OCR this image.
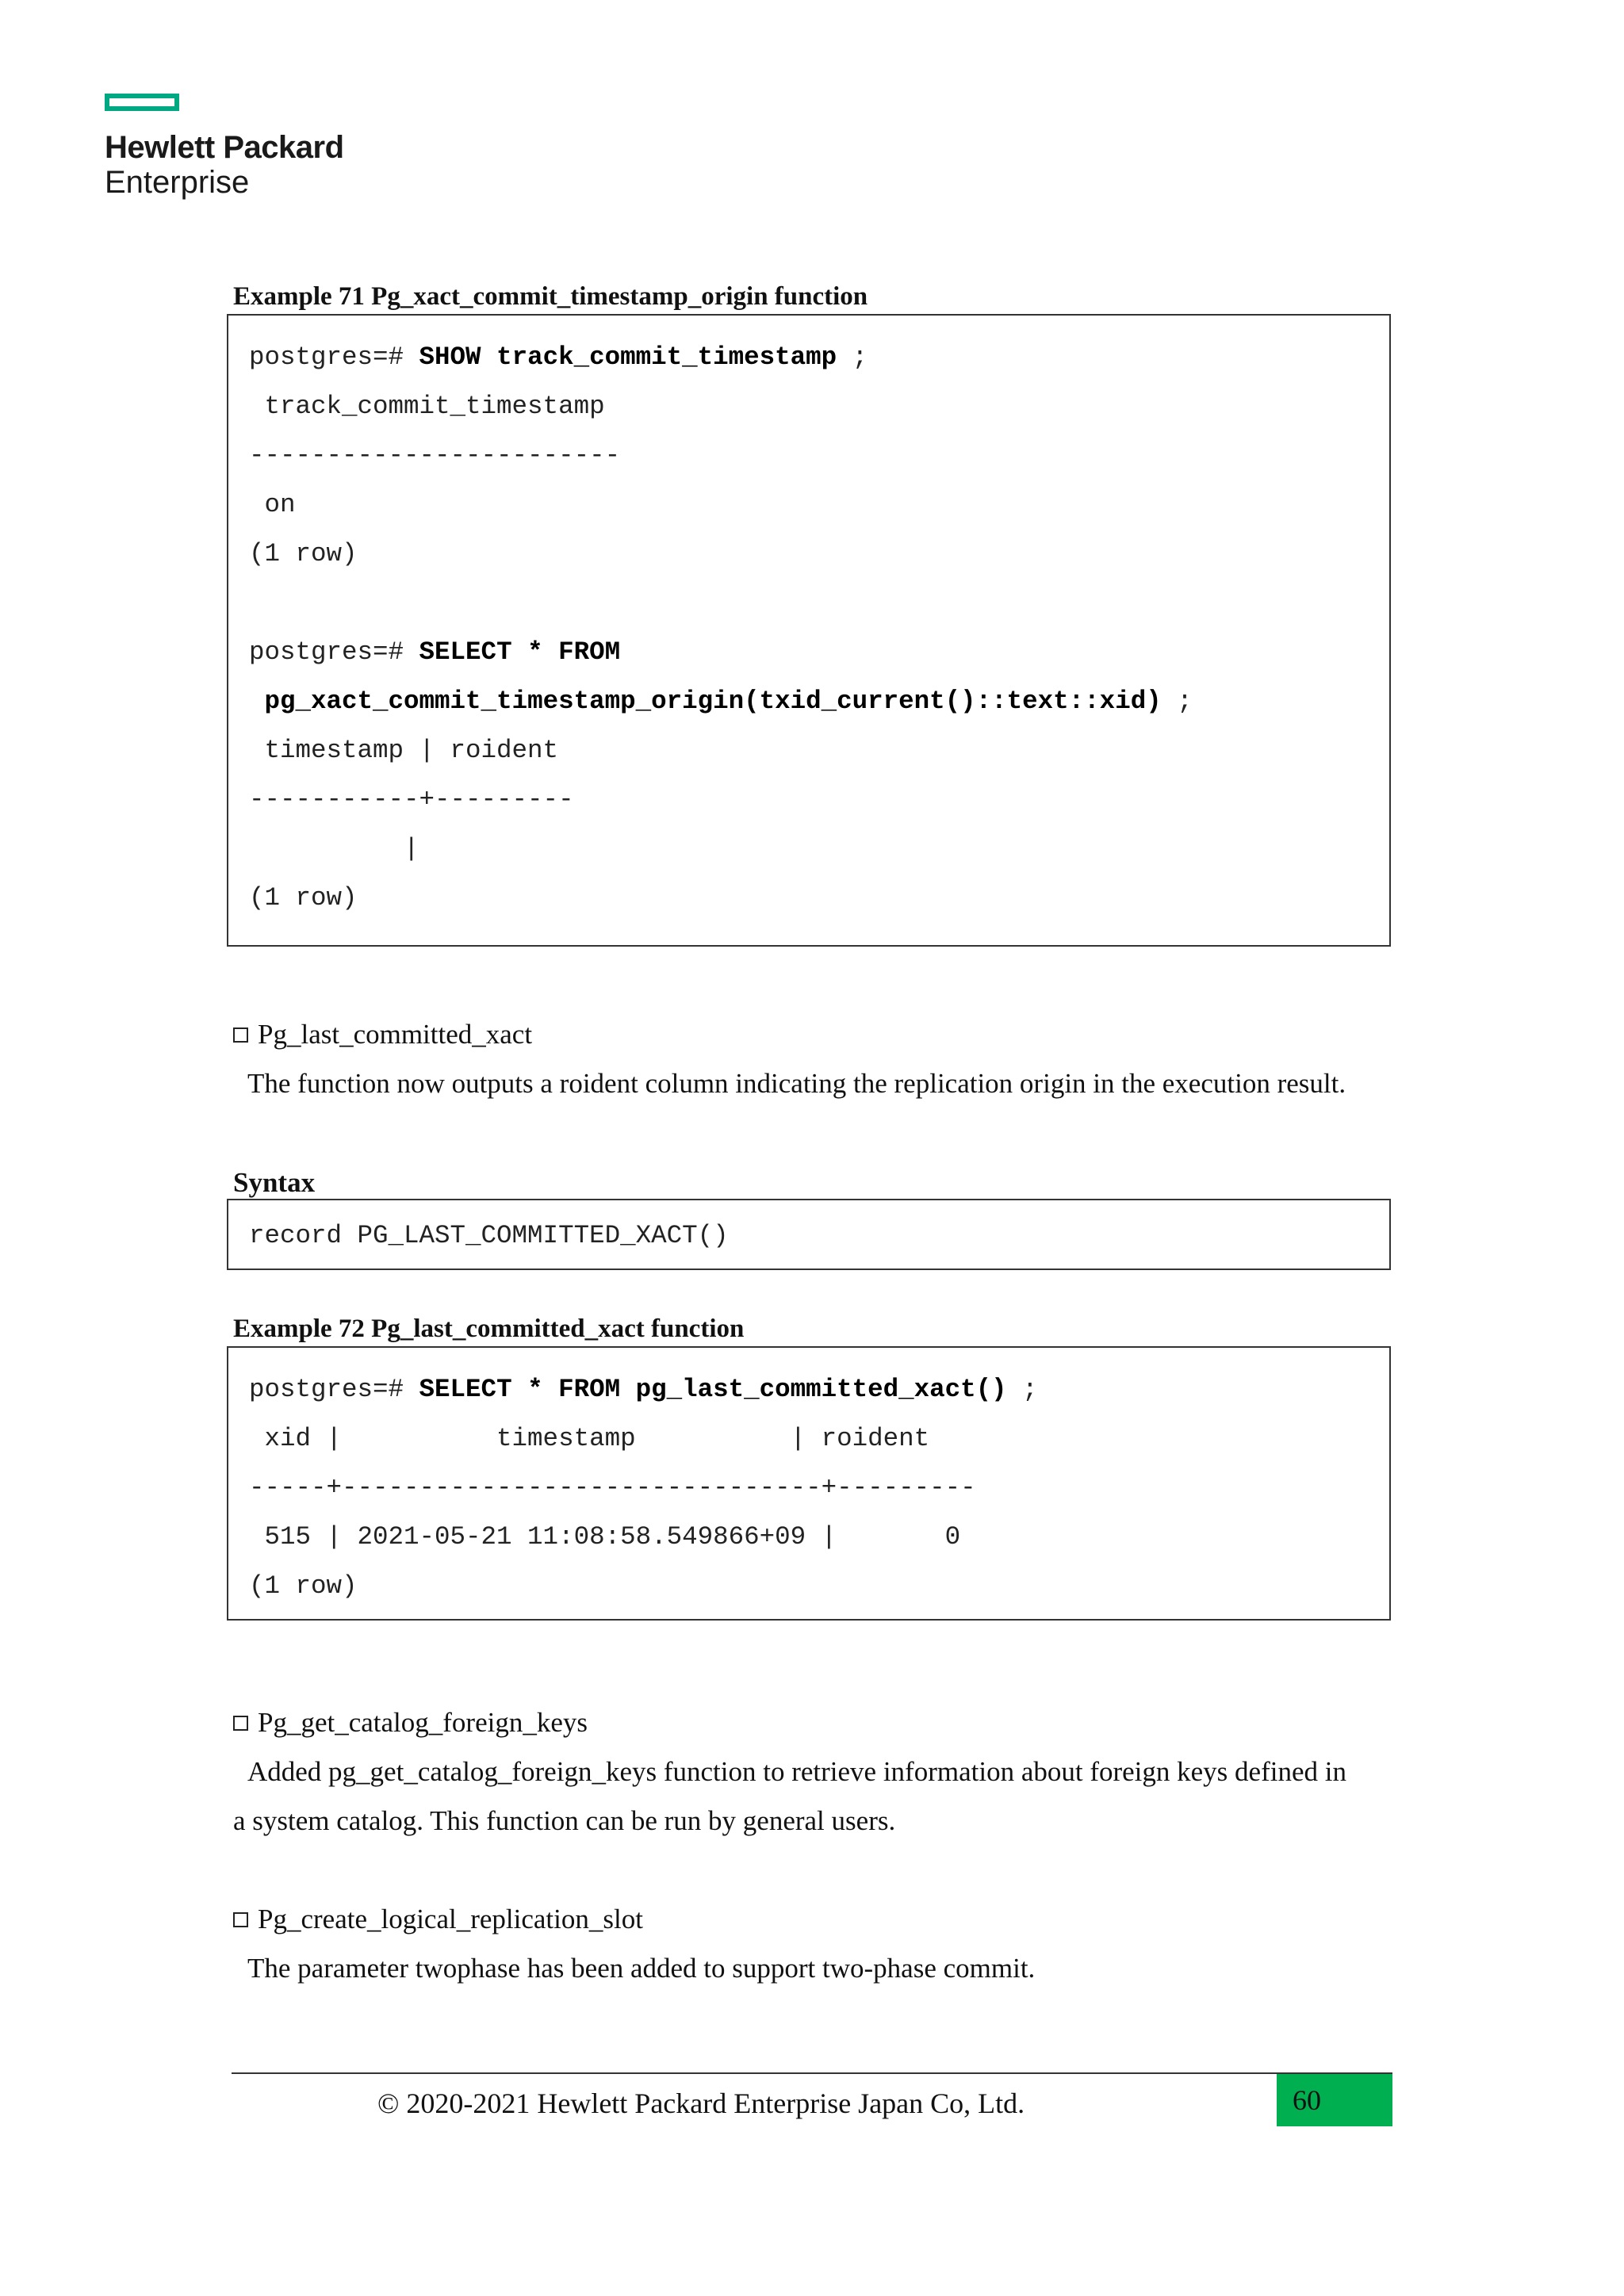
Hewlett Packard
Enterprise
Example 71 Pg_xact_commit_timestamp_origin function
postgres=# SHOW track_commit_timestamp ;
track_commit_timestamp
------------------------
on
(1 row)
postgres=# SELECT * FROM
pg_xact_commit_timestamp_origin(txid_current()::text::xid) ;
timestamp | roident
-----------+---------
|
(1 row)
Pg_last_committed_xact
The function now outputs a roident column indicating the replication origin in the execution result.
Syntax
record PG_LAST_COMMITTED_XACT()
Example 72 Pg_last_committed_xact function
postgres=# SELECT * FROM pg_last_committed_xact() ;
xid |          timestamp          | roident
-----+-------------------------------+---------
515 | 2021-05-21 11:08:58.549866+09 |       0
(1 row)
Pg_get_catalog_foreign_keys
Added pg_get_catalog_foreign_keys function to retrieve information about foreign keys defined in
a system catalog. This function can be run by general users.
Pg_create_logical_replication_slot
The parameter twophase has been added to support two-phase commit.
© 2020-2021 Hewlett Packard Enterprise Japan Co, Ltd.	60
